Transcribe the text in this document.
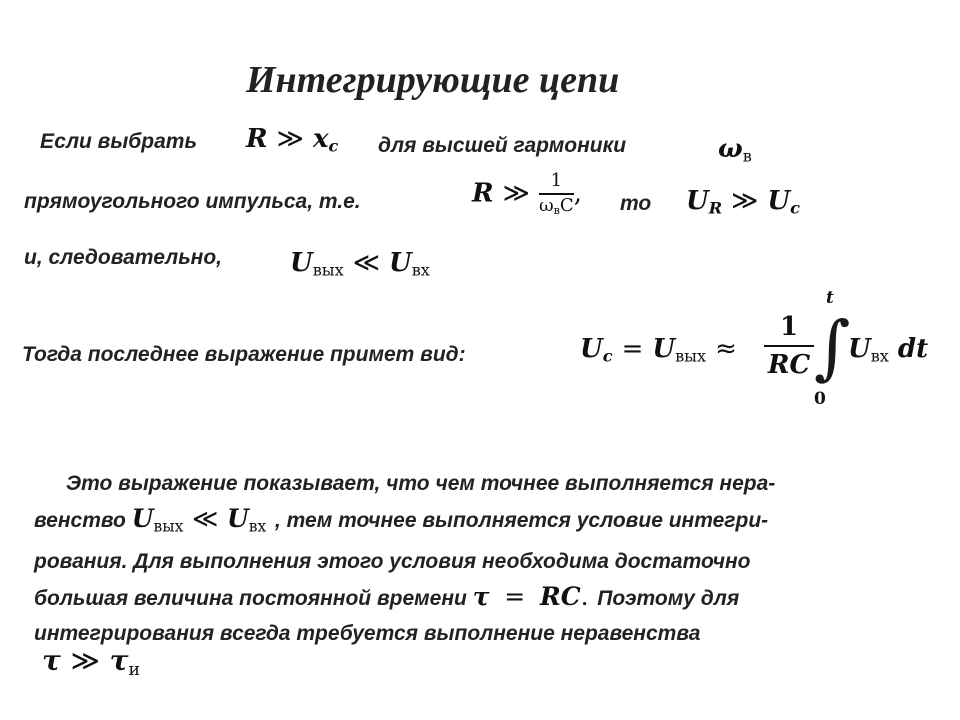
Интегрирующие цепи
Если выбрать R ≫ $x_c$ для высшей гармоники	$\omega_в$
прямоугольного импульса, т.е.	R ≫ $\frac{1}{\omega_вC}$ , то $U_R$ ≫ $U_c$
и, следовательно,	$U_{вых}$ ≪ $U_{вх}$
Тогда последнее выражение примет вид:	$U_c = U_{вых}$ ≈
1
RC ∫
t
0
$U_{вх}$ dt
Это выражение показывает, что чем точнее выполняется нера-
венство $U_{вых}$ ≪ $U_{вх}$ , тем точнее выполняется условие интегри-
рования. Для выполнения этого условия необходима достаточно
большая величина постоянной времени τ = RC. Поэтому для
интегрирования всегда требуется выполнение неравенства
τ ≫ $\tau_и$
